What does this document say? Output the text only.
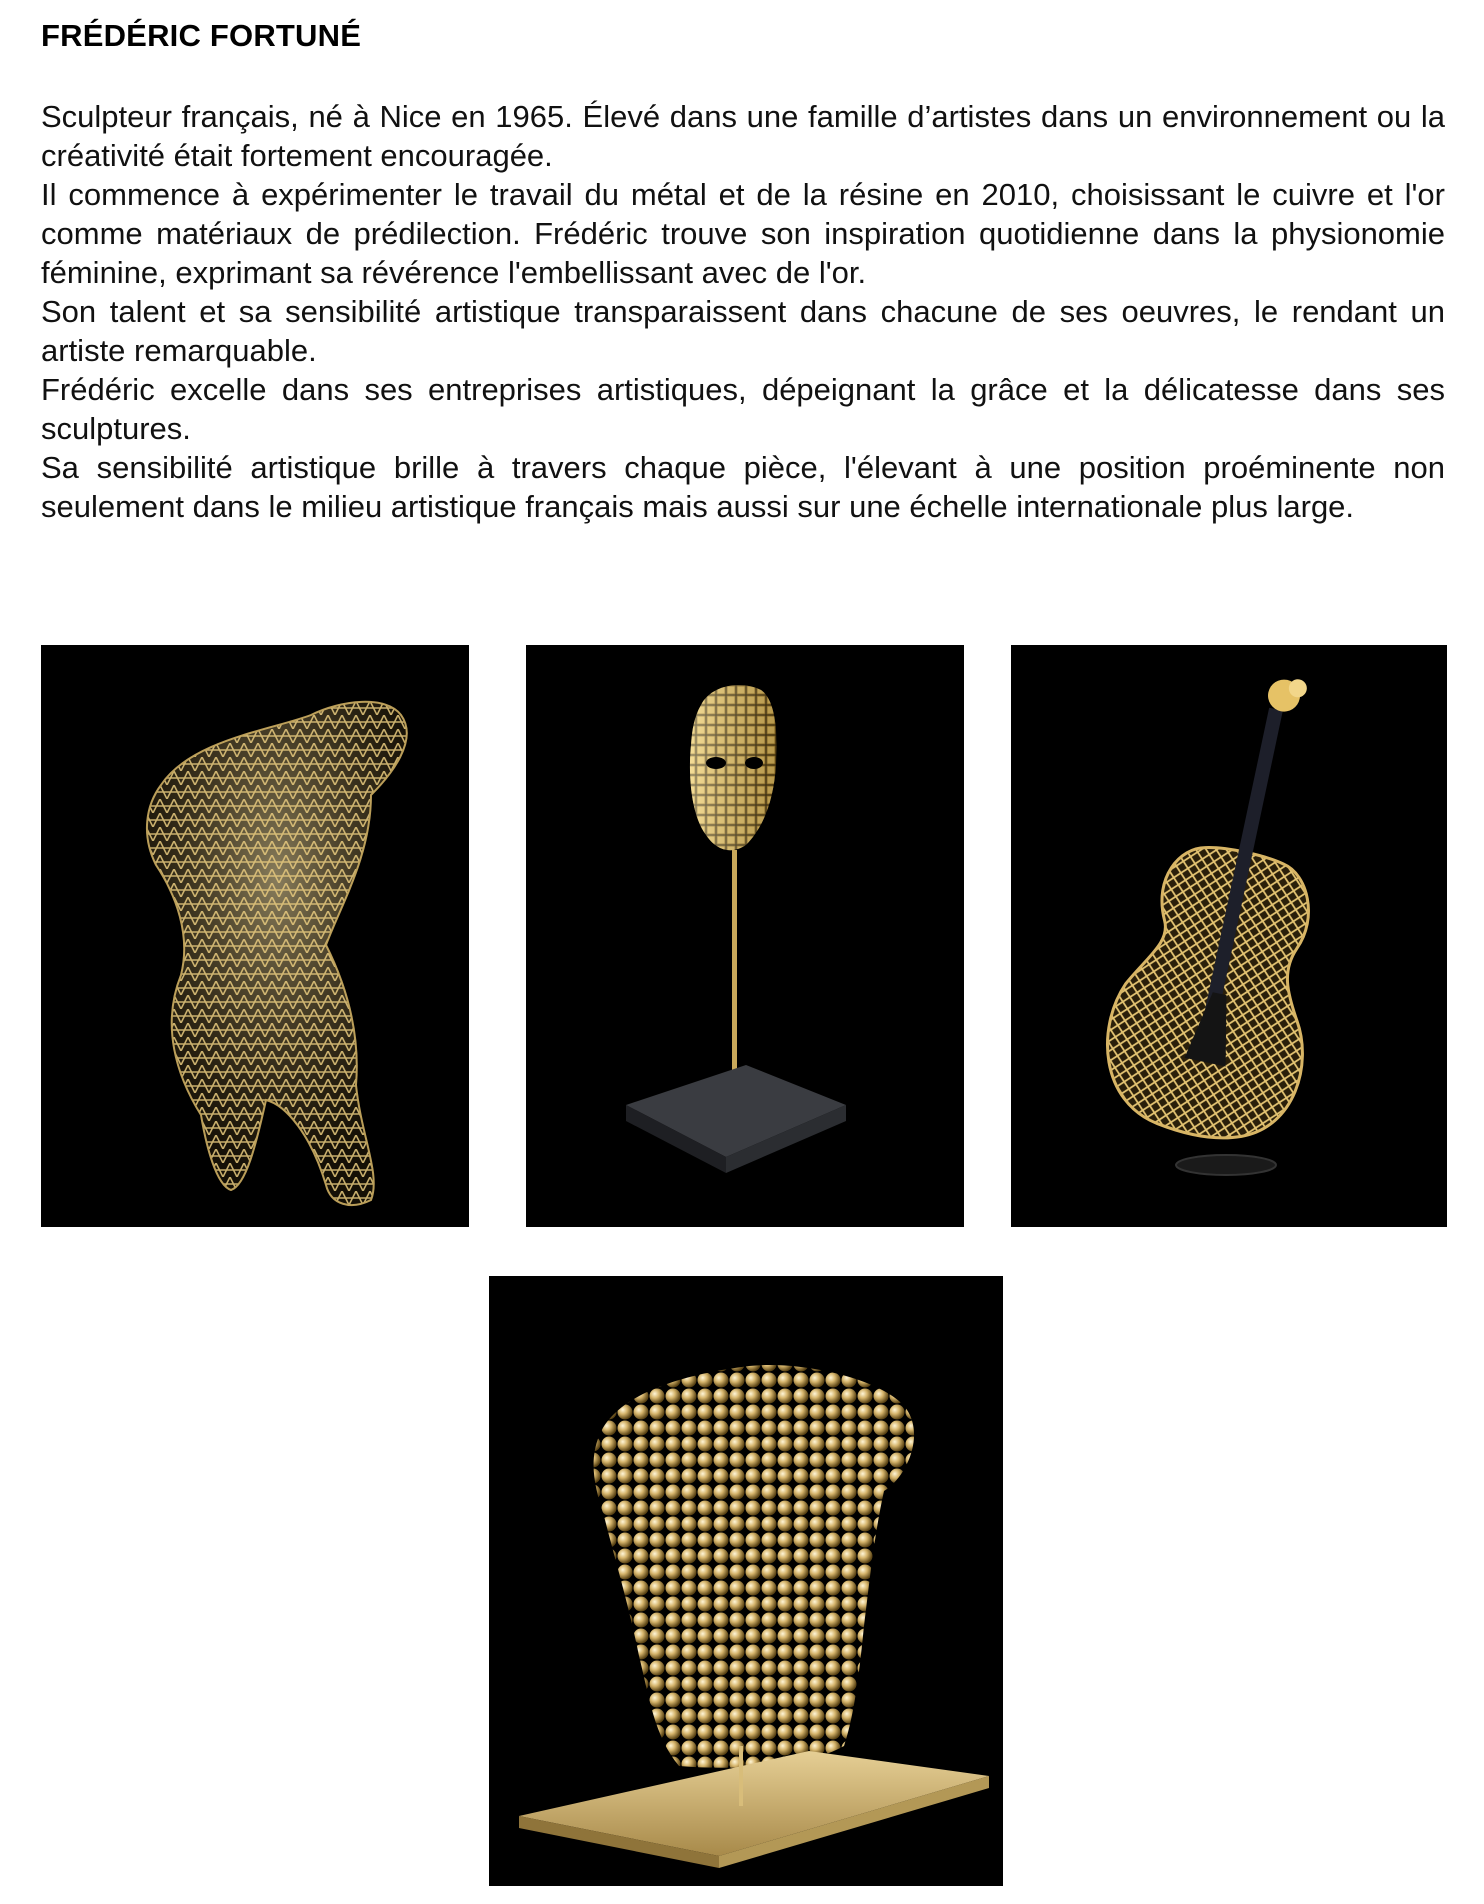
FRÉDÉRIC FORTUNÉ

Sculpteur français, né à Nice en 1965. Élevé dans une famille d’artistes dans un environnement ou la créativité était fortement encouragée.

Il commence à expérimenter le travail du métal et de la résine en 2010, choisissant le cuivre et l'or comme matériaux de prédilection. Frédéric trouve son inspiration quotidienne dans la physionomie féminine, exprimant sa révérence l'embellissant avec de l'or.

Son talent et sa sensibilité artistique transparaissent dans chacune de ses oeuvres, le rendant un artiste remarquable.

Frédéric excelle dans ses entreprises artistiques, dépeignant la grâce et la délicatesse dans ses sculptures.

Sa sensibilité artistique brille à travers chaque pièce, l'élevant à une position proéminente non seulement dans le milieu artistique français mais aussi sur une échelle internationale plus large.
